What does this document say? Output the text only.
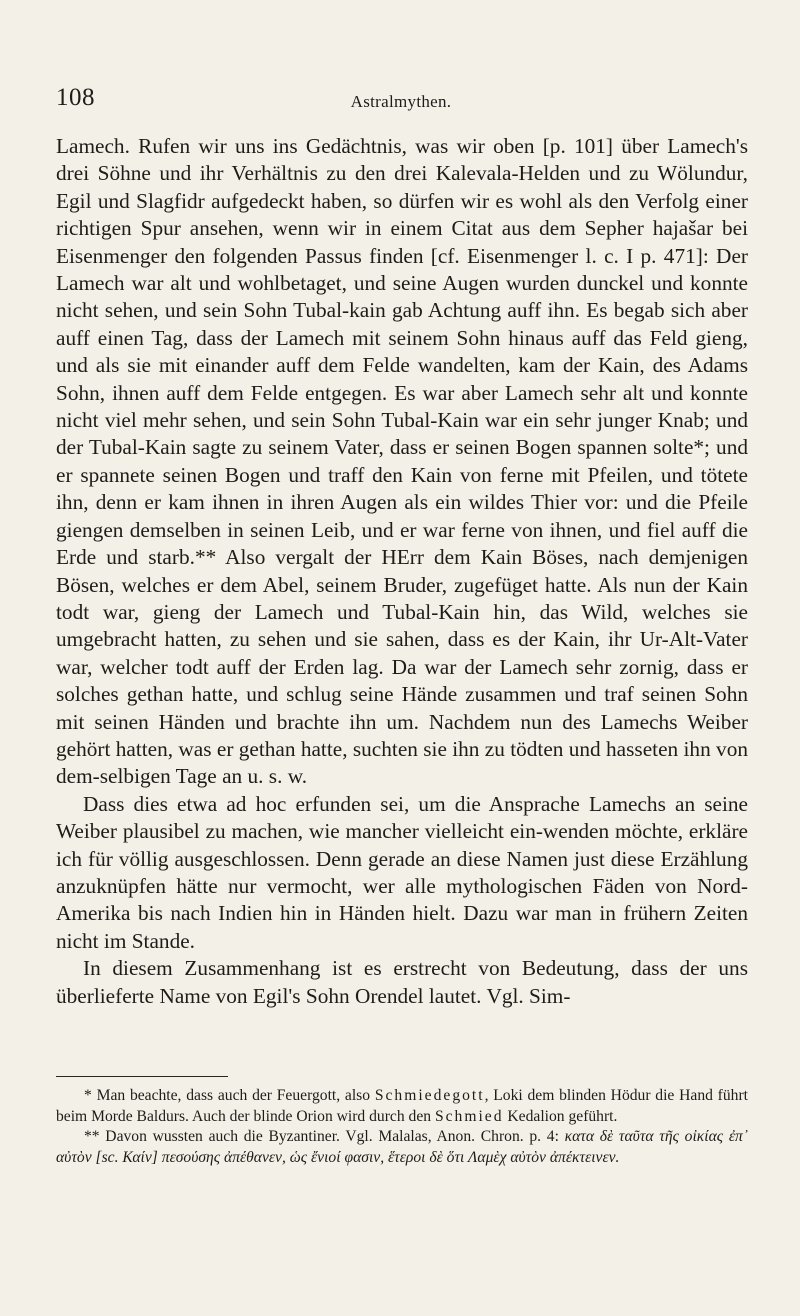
108	Astralmythen.

Lamech. Rufen wir uns ins Gedächtnis, was wir oben [p. 101] über Lamech's drei Söhne und ihr Verhältnis zu den drei Kalevala-Helden und zu Wölundur, Egil und Slagfidr aufgedeckt haben, so dürfen wir es wohl als den Verfolg einer richtigen Spur ansehen, wenn wir in einem Citat aus dem Sepher hajašar bei Eisenmenger den folgenden Passus finden [cf. Eisenmenger l. c. I p. 471]: Der Lamech war alt und wohlbetaget, und seine Augen wurden dunckel und konnte nicht sehen, und sein Sohn Tubal-kain gab Achtung auff ihn. Es begab sich aber auff einen Tag, dass der Lamech mit seinem Sohn hinaus auff das Feld gieng, und als sie mit einander auff dem Felde wandelten, kam der Kain, des Adams Sohn, ihnen auff dem Felde entgegen. Es war aber Lamech sehr alt und konnte nicht viel mehr sehen, und sein Sohn Tubal-Kain war ein sehr junger Knab; und der Tubal-Kain sagte zu seinem Vater, dass er seinen Bogen spannen solte*; und er spannete seinen Bogen und traff den Kain von ferne mit Pfeilen, und tötete ihn, denn er kam ihnen in ihren Augen als ein wildes Thier vor: und die Pfeile giengen demselben in seinen Leib, und er war ferne von ihnen, und fiel auff die Erde und starb.** Also vergalt der HErr dem Kain Böses, nach demjenigen Bösen, welches er dem Abel, seinem Bruder, zugefüget hatte. Als nun der Kain todt war, gieng der Lamech und Tubal-Kain hin, das Wild, welches sie umgebracht hatten, zu sehen und sie sahen, dass es der Kain, ihr Ur-Alt-Vater war, welcher todt auff der Erden lag. Da war der Lamech sehr zornig, dass er solches gethan hatte, und schlug seine Hände zusammen und traf seinen Sohn mit seinen Händen und brachte ihn um. Nachdem nun des Lamechs Weiber gehört hatten, was er gethan hatte, suchten sie ihn zu tödten und hasseten ihn von dem-selbigen Tage an u. s. w.

Dass dies etwa ad hoc erfunden sei, um die Ansprache Lamechs an seine Weiber plausibel zu machen, wie mancher vielleicht ein-wenden möchte, erkläre ich für völlig ausgeschlossen. Denn gerade an diese Namen just diese Erzählung anzuknüpfen hätte nur vermocht, wer alle mythologischen Fäden von Nord-Amerika bis nach Indien hin in Händen hielt. Dazu war man in frühern Zeiten nicht im Stande.

In diesem Zusammenhang ist es erstrecht von Bedeutung, dass der uns überlieferte Name von Egil's Sohn Orendel lautet. Vgl. Sim-

* Man beachte, dass auch der Feuergott, also Schmiedegott, Loki dem blinden Hödur die Hand führt beim Morde Baldurs. Auch der blinde Orion wird durch den Schmied Kedalion geführt.

** Davon wussten auch die Byzantiner. Vgl. Malalas, Anon. Chron. p. 4: κατα δὲ ταῦτα τῆς οἰκίας ἐπ᾽ αὐτὸν [sc. Καίν] πεσούσης ἀπέθανεν, ὡς ἔνιοί φασιν, ἕτεροι δὲ ὅτι Λαμὲχ αὐτὸν ἀπέκτεινεν.
